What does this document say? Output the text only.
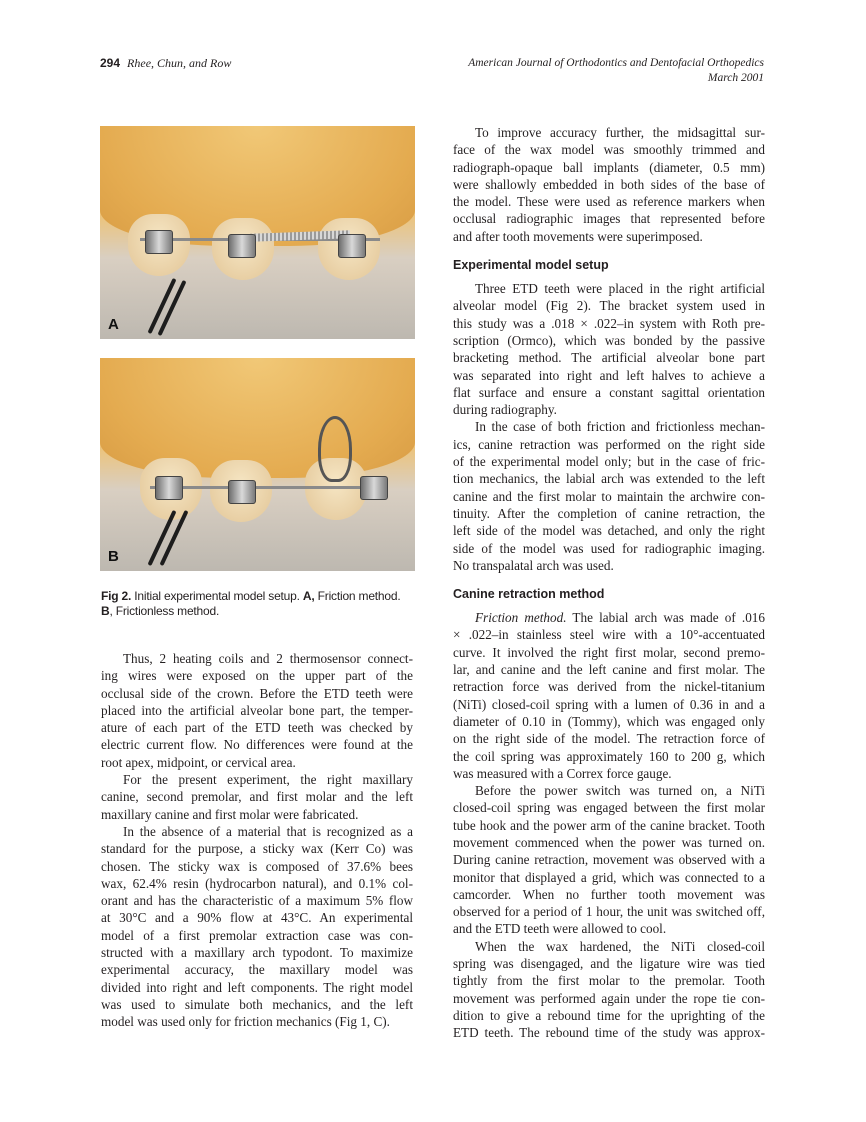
294 Rhee, Chun, and Row	American Journal of Orthodontics and Dentofacial Orthopedics
March 2001
A
B
Fig 2. Initial experimental model setup. A, Friction method.
B, Frictionless method.
Thus, 2 heating coils and 2 thermosensor connect-
ing wires were exposed on the upper part of the
occlusal side of the crown. Before the ETD teeth were
placed into the artificial alveolar bone part, the temper-
ature of each part of the ETD teeth was checked by
electric current flow. No differences were found at the
root apex, midpoint, or cervical area.
For the present experiment, the right maxillary
canine, second premolar, and first molar and the left
maxillary canine and first molar were fabricated.
In the absence of a material that is recognized as a
standard for the purpose, a sticky wax (Kerr Co) was
chosen. The sticky wax is composed of 37.6% bees
wax, 62.4% resin (hydrocarbon natural), and 0.1% col-
orant and has the characteristic of a maximum 5% flow
at 30°C and a 90% flow at 43°C. An experimental
model of a first premolar extraction case was con-
structed with a maxillary arch typodont. To maximize
experimental accuracy, the maxillary model was
divided into right and left components. The right model
was used to simulate both mechanics, and the left
model was used only for friction mechanics (Fig 1, C).
To improve accuracy further, the midsagittal sur-
face of the wax model was smoothly trimmed and
radiograph-opaque ball implants (diameter, 0.5 mm)
were shallowly embedded in both sides of the base of
the model. These were used as reference markers when
occlusal radiographic images that represented before
and after tooth movements were superimposed.
Experimental model setup
Three ETD teeth were placed in the right artificial
alveolar model (Fig 2). The bracket system used in
this study was a .018 × .022–in system with Roth pre-
scription (Ormco), which was bonded by the passive
bracketing method. The artificial alveolar bone part
was separated into right and left halves to achieve a
flat surface and ensure a constant sagittal orientation
during radiography.
In the case of both friction and frictionless mechan-
ics, canine retraction was performed on the right side
of the experimental model only; but in the case of fric-
tion mechanics, the labial arch was extended to the left
canine and the first molar to maintain the archwire con-
tinuity. After the completion of canine retraction, the
left side of the model was detached, and only the right
side of the model was used for radiographic imaging.
No transpalatal arch was used.
Canine retraction method
Friction method. The labial arch was made of .016
× .022–in stainless steel wire with a 10°-accentuated
curve. It involved the right first molar, second premo-
lar, and canine and the left canine and first molar. The
retraction force was derived from the nickel-titanium
(NiTi) closed-coil spring with a lumen of 0.36 in and a
diameter of 0.10 in (Tommy), which was engaged only
on the right side of the model. The retraction force of
the coil spring was approximately 160 to 200 g, which
was measured with a Correx force gauge.
Before the power switch was turned on, a NiTi
closed-coil spring was engaged between the first molar
tube hook and the power arm of the canine bracket. Tooth
movement commenced when the power was turned on.
During canine retraction, movement was observed with a
monitor that displayed a grid, which was connected to a
camcorder. When no further tooth movement was
observed for a period of 1 hour, the unit was switched off,
and the ETD teeth were allowed to cool.
When the wax hardened, the NiTi closed-coil
spring was disengaged, and the ligature wire was tied
tightly from the first molar to the premolar. Tooth
movement was performed again under the rope tie con-
dition to give a rebound time for the uprighting of the
ETD teeth. The rebound time of the study was approx-
